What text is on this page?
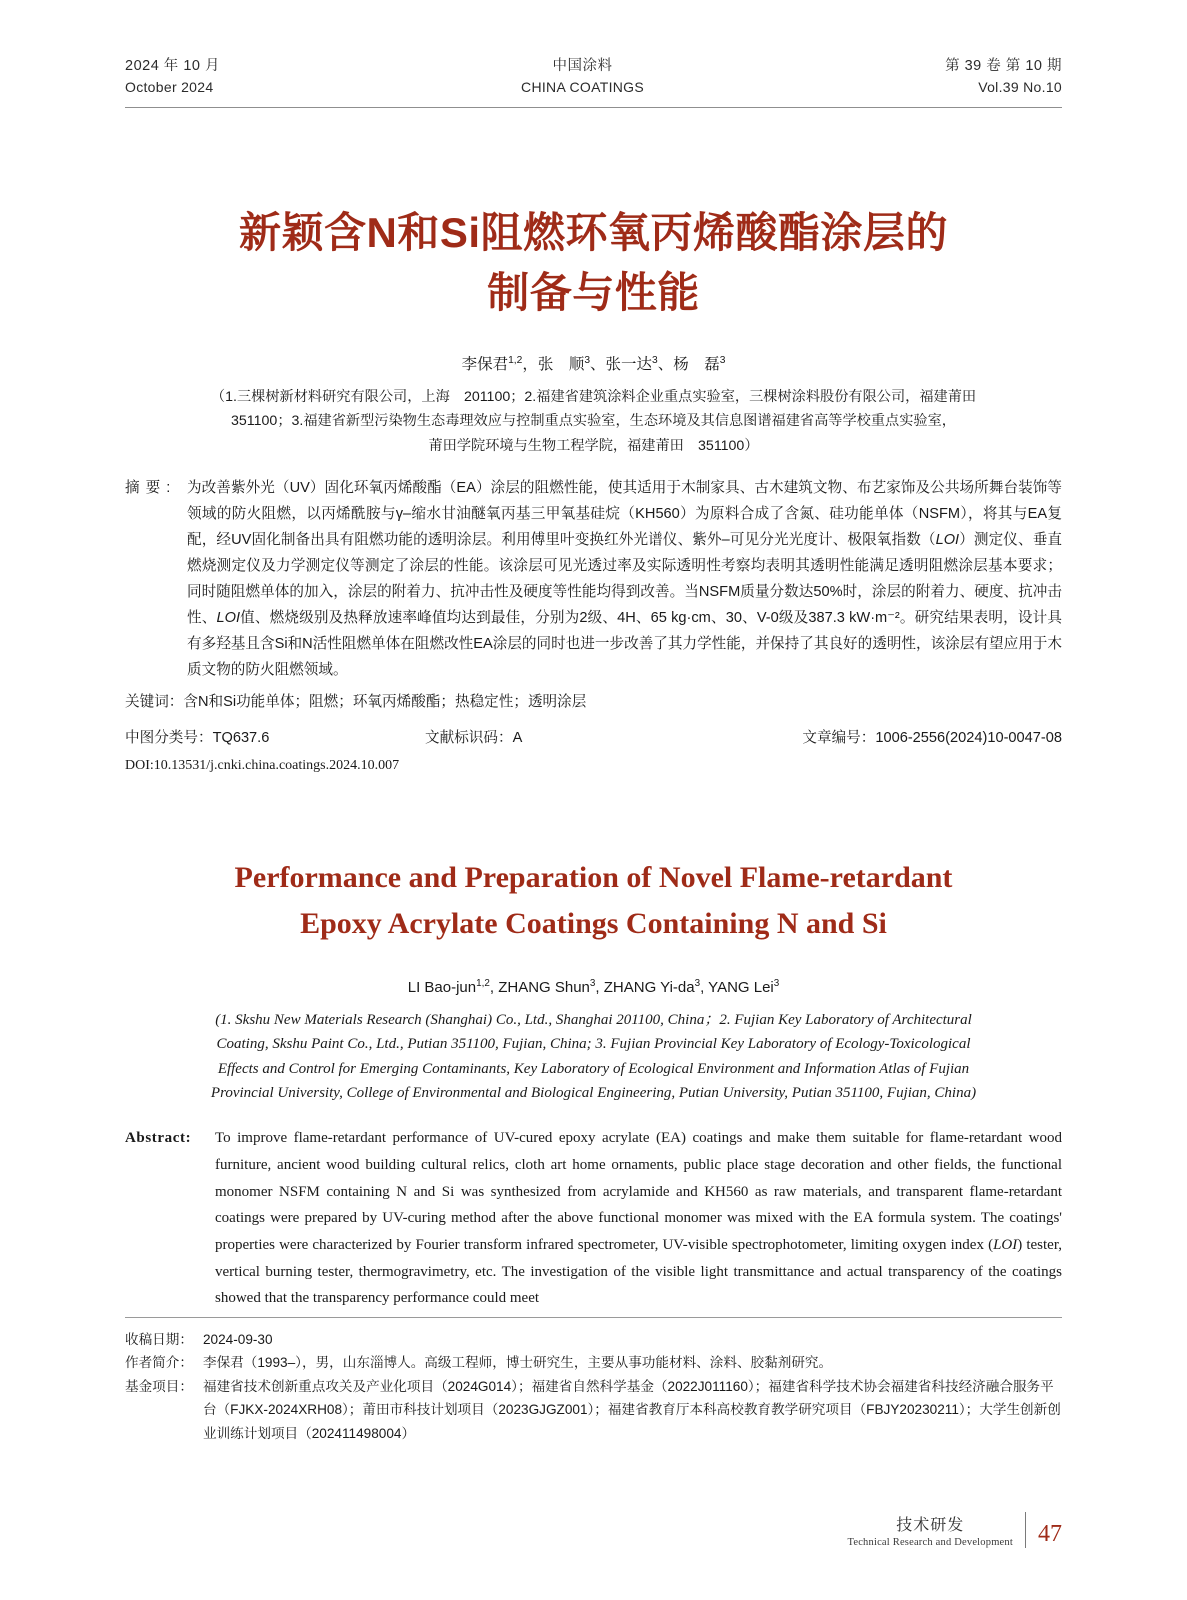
2024 年 10 月
October 2024
中国涂料
CHINA COATINGS
第 39 卷 第 10 期
Vol.39 No.10
新颖含N和Si阻燃环氧丙烯酸酯涂层的
制备与性能
李保君$^{1,2}$，张　顺$^3$、张一达$^3$、杨　磊$^3$
（1.三棵树新材料研究有限公司，上海　201100；2.福建省建筑涂料企业重点实验室，三棵树涂料股份有限公司，福建莆田
351100；3.福建省新型污染物生态毒理效应与控制重点实验室，生态环境及其信息图谱福建省高等学校重点实验室，
莆田学院环境与生物工程学院，福建莆田　351100）
摘要: 为改善紫外光（UV）固化环氧丙烯酸酯（EA）涂层的阻燃性能，使其适用于木制家具、古木建筑文物、布艺家饰及公共场所舞台装饰等领域的防火阻燃，以丙烯酰胺与γ–缩水甘油醚氧丙基三甲氧基硅烷（KH560）为原料合成了含氮、硅功能单体（NSFM），将其与EA复配，经UV固化制备出具有阻燃功能的透明涂层。利用傅里叶变换红外光谱仪、紫外–可见分光光度计、极限氧指数（LOI）测定仪、垂直燃烧测定仪及力学测定仪等测定了涂层的性能。该涂层可见光透过率及实际透明性考察均表明其透明性能满足透明阻燃涂层基本要求；同时随阻燃单体的加入，涂层的附着力、抗冲击性及硬度等性能均得到改善。当NSFM质量分数达50%时，涂层的附着力、硬度、抗冲击性、LOI值、燃烧级别及热释放速率峰值均达到最佳，分别为2级、4H、65 kg·cm、30、V-0级及387.3 kW·m⁻²。研究结果表明，设计具有多羟基且含Si和N活性阻燃单体在阻燃改性EA涂层的同时也进一步改善了其力学性能，并保持了其良好的透明性，该涂层有望应用于木质文物的防火阻燃领域。
关键词：含N和Si功能单体；阻燃；环氧丙烯酸酯；热稳定性；透明涂层
中图分类号：TQ637.6	文献标识码：A	文章编号：1006-2556(2024)10-0047-08
DOI:10.13531/j.cnki.china.coatings.2024.10.007
Performance and Preparation of Novel Flame-retardant
Epoxy Acrylate Coatings Containing N and Si
LI Bao-jun$^{1,2}$, ZHANG Shun$^3$, ZHANG $Yi-da^3$, YANG Lei$^3$
(1. Skshu New Materials Research (Shanghai) Co., Ltd., Shanghai 201100, China；2. Fujian Key Laboratory of Architectural
Coating, Skshu Paint Co., Ltd., Putian 351100, Fujian, China; 3. Fujian Provincial Key Laboratory of Ecology-Toxicological
Effects and Control for Emerging Contaminants, Key Laboratory of Ecological Environment and Information Atlas of Fujian
Provincial University, College of Environmental and Biological Engineering, Putian University, Putian 351100, Fujian, China)
Abstract:	To improve flame-retardant performance of UV-cured epoxy acrylate (EA) coatings and make them suitable for flame-retardant wood furniture, ancient wood building cultural relics, cloth art home ornaments, public place stage decoration and other fields, the functional monomer NSFM containing N and Si was synthesized from acrylamide and KH560 as raw materials, and transparent flame-retardant coatings were prepared by UV-curing method after the above functional monomer was mixed with the EA formula system. The coatings' properties were characterized by Fourier transform infrared spectrometer, UV-visible spectrophotometer, limiting oxygen index (LOI) tester, vertical burning tester, thermogravimetry, etc. The investigation of the visible light transmittance and actual transparency of the coatings showed that the transparency performance could meet
收稿日期： 2024-09-30
作者简介： 李保君（1993–），男，山东淄博人。高级工程师，博士研究生，主要从事功能材料、涂料、胶黏剂研究。
基金项目： 福建省技术创新重点攻关及产业化项目（2024G014）；福建省自然科学基金（2022J011160）；福建省科学技术协会福建省科技经济融合服务平台（FJKX-2024XRH08）；莆田市科技计划项目（2023GJGZ001）；福建省教育厅本科高校教育教学研究项目（FBJY20230211）；大学生创新创业训练计划项目（202411498004）
技术研发
Technical Research and Development 47
